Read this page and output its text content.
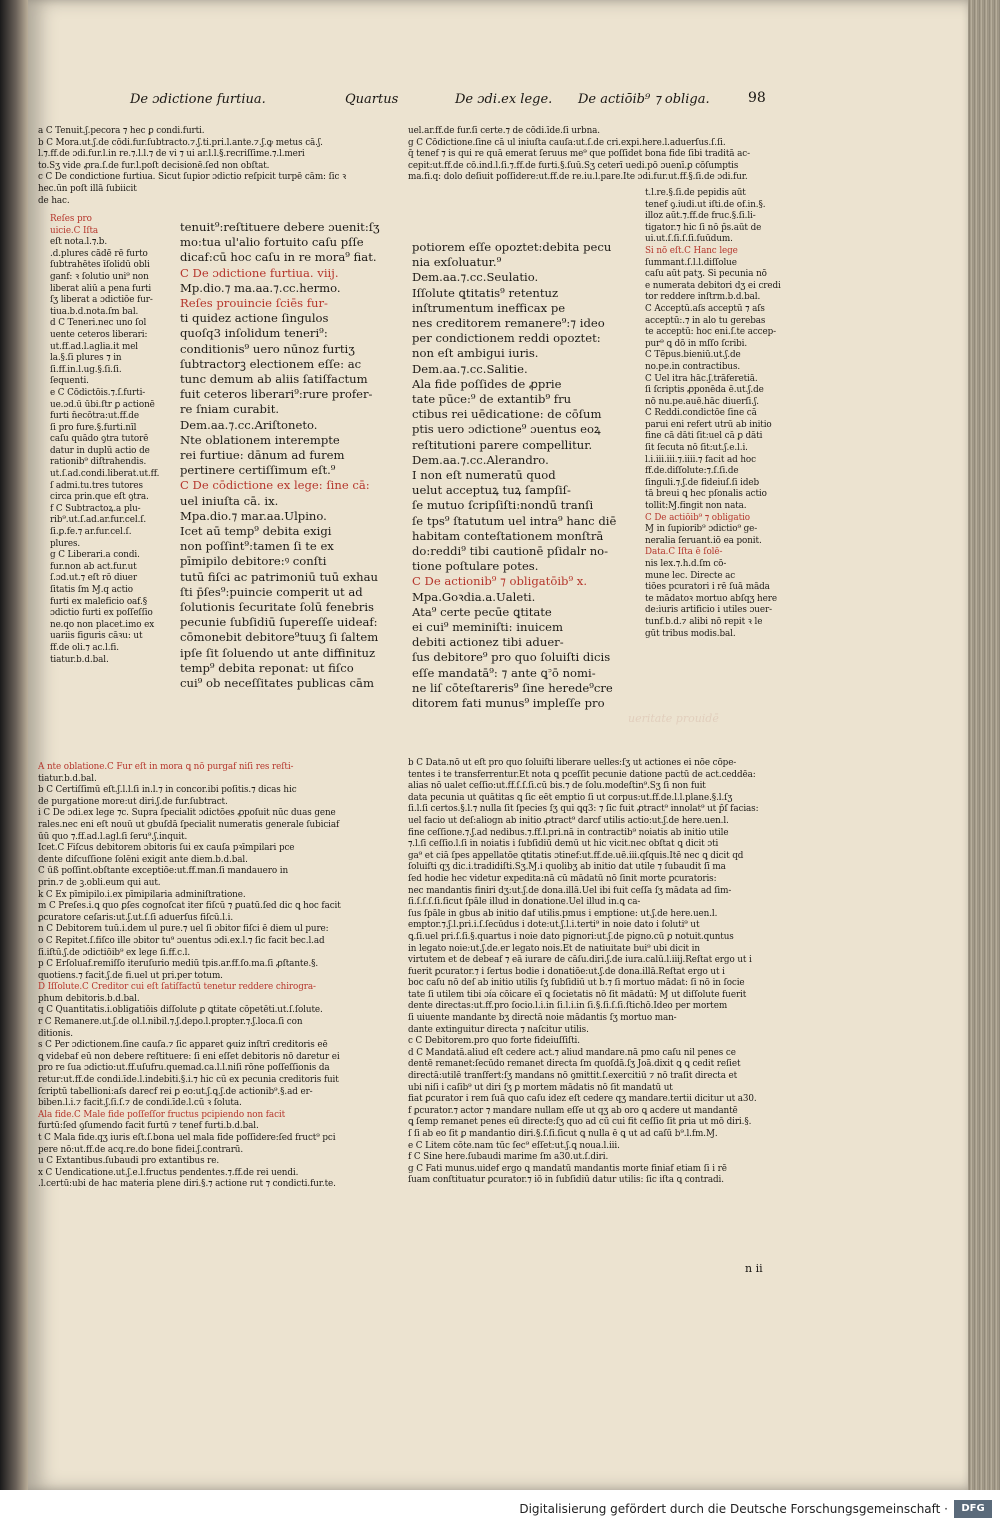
De ɔdictione furtiua.	Quartus	De ɔdi.ex lege. De actiōib⁹ ⁊ obliga.	98

a C Tenuit.ʃ.pecora ⁊ hec ꝑ condi.furti.

b C Mora.ut.ʃ.de cōdi.fur.ſubtracto.⁊.ʃ.ti.pri.l.ante.⁊.ʃ.ꝙ metus cā.ʃ.

l.⁊.ff.de ɔdi.fur.l.in re.⁊.l.l.⁊ de vi ⁊ ui ar.l.l.§.recriſſime.⁊.l.meri

to.Sʒ vide ꝓra.ſ.de fur.l.poſt decisionē.ſed non obſtat.

c C De condictione furtiua. Sicut ſupior ɔdictio reſpicit turpē cām: ſic ꝛ

hec.ūn poſt illā ſubiicit

de hac.

Reſes pro

uicie.C Iſta

eſt nota.l.⁊.b.

.d.plures cādē rē furto

ſubtrahētes īſolidū obli

ganf: ꝛ ſolutio uni⁹ non

liberat aliū a pena furti

ſʒ liberat a ɔdictiōe fur-

tiua.b.d.nota.ſm bal.

d C Teneri.nec uno ſol

uente ceteros liberari:

ut.ff.ad.l.aglia.it mel

la.§.ſi plures ⁊ in

ſi.ff.in.l.ug.§.ſi.ſi.

ſequenti.

e C Cōdictōis.⁊.ſ.furti-

ue.ɔd.ū ūbi.ſtr ꝑ actionē

furti n̄ecōtra:ut.ff.de

ſi pro fure.§.furti.nīl

caſu quādo ꝯtra tutorē

datur in duplū actio de

rationib⁹ diſtrahendis.

ut.ſ.ad.condi.liberat.ut.ff.

ſ admi.tu.tres tutores

circa prin.que eſt ꝯtra.

f C Subtractoꝝ.a plu-

rib⁹.ut.ſ.ad.ar.fur.cel.ſ.

ſi.ꝑ.fe.⁊ ar.fur.cel.ſ.

plures.

g C Liberari.a condi.

fur.non ab act.fur.ut

ſ.ɔd.ut.⁊ eſt rō diuer

ſitatis ſm Ɱ.q actio

furti ex maleficio oaf.§

ɔdictio furti ex poſſeſſio

ne.qo non placet.imo ex

uariis figuris cāꝛu: ut

ff.de oli.⁊ ac.l.fi.

tiatur.b.d.bal.

tenuit⁹:reſtituere debere ɔuenit:ſʒ

mo:tua ul'alio fortuito caſu pſſe

dicaf:cū hoc caſu in re mora⁹ fiat.

C De ɔdictione furtiua. viij.

Mp.dio.⁊ ma.aa.⁊.cc.hermo.

Reſes prouincie ſciēs fur-

ti quidez actione ſingulos

quoſq3 inſolidum teneri⁹:

conditionis⁹ uero nūnoz furtiʒ

ſubtractorꝫ electionem eſſe: ac

tunc demum ab aliis ſatiſfactum

fuit ceteros liberari⁹:rure profer-

re ſniam curabit.

Dem.aa.⁊.cc.Ariſtoneto.

Nte oblationem interempte

rei furtiue: dānum ad furem

pertinere certiſſimum eſt.⁹

C De cōdictione ex lege: ſine cā:

uel iniuſta cā. ix.

Mpa.dio.⁊ mar.aa.Ulpino.

Icet aū temp⁹ debita exigi

non poſſint⁹:tamen ſi te ex

pīmipilo debitore:ꝰ conſti

tutū fiſci ac patrimoniū tuū exhau

ſti p̄ſes⁹:puincie comperit ut ad

ſolutionis ſecuritate ſolū fenebris

pecunie ſubſidiū ſupereſſe uideaf:

cōmonebit debitore⁹tuuʒ ſi ſaltem

ipſe ſit ſoluendo ut ante diffinituz

temp⁹ debita reponat: ut fiſco

cui⁹ ob neceſſitates publicas cām

uel.ar.ff.de fur.ſi certe.⁊ de cōdi.īde.ſi urbna.

g C Cōdictione.ſine cā ul iniuſta cauſa:ut.ſ.de cri.expi.here.l.aduerſus.ſ.ſi.

q̄ tenef ⁊ is qui re quā emerat ſeruus me⁹ que poſſidet bona fide ſibi traditā ac-

cepit:ut.ff.de cō.ind.l.ſi.⁊.ff.de furti.§.ſuū.Sʒ ceterī uedi.pō ɔuenī.ꝑ cōſumptis

ma.fi.q: dolo deſiuit poſſidere:ut.ff.de re.iu.l.pare.Ite ɔdi.fur.ut.ff.§.ſi.de ɔdi.fur.

potiorem eſſe opoztet:debita pecu

nia exſoluatur.⁹

Dem.aa.⁊.cc.Seulatio.

Iſſolute ꝗtitatis⁹ retentuz

inſtrumentum inefficax pe

nes creditorem remanere⁹:⁊ ideo

per condictionem reddi opoztet:

non eſt ambigui iuris.

Dem.aa.⁊.cc.Salitie.

Ala fide poſſides de ꝓprie

tate pūce:⁹ de extantib⁹ fru

ctibus rei uēdicatione: de cōſum

ptis uero ɔdictione⁹ ɔuentus eoꝝ

reſtitutioni parere compellitur.

Dem.aa.⁊.cc.Alerandro.

I non eſt numeratū quod

uelut acceptuꝝ tuꝝ ſampſiſ-

ſe mutuo ſcripſiſti:nondū tranſi

ſe tps⁹ ſtatutum uel intra⁹ hanc diē

habitam conteſtationem monſtrā

do:reddi⁹ tibi cautionē pſidalr no-

tione poſtulare potes.

C De actionib⁹ ⁊ obligatōib⁹ x.

Mpa.Goꝛdia.a.Ualeti.

Ata⁹ certe pecūe ꝗtitate

ei cui⁹ meminiſti: inuicem

debiti actionez tibi aduer-

ſus debitore⁹ pro quo ſoluiſti dicis

eſſe mandatā⁹: ⁊ ante ꝗ꜄ō nomi-

ne liſ cōteſtareris⁹ ſine herede⁹cre

ditorem fati munus⁹ impleſſe pro

t.l.re.§.ſi.de pepidis aūt

tenef ꝯ.iudi.ut iſti.de of.in.§.

illoz aūt.⁊.ff.de fruc.§.ſi.li-

tigator.⁊ hic ſi nō p̄s.aūt de

ui.ut.ſ.ſi.ſ.ſi.ſuūdum.

Si nō eſt.C Hanc lege

ſummant.ſ.l.l.diſſolue

caſu aūt patʒ. Si pecunia nō

e numerata debitori dʒ ei credi

tor reddere inſtrm.b.d.bal.

C Acceptū.aſs acceptū ⁊ aſs

acceptū:.⁊ in alo tu gerebas

te acceptū: hoc eni.ſ.te accep-

pur⁹ ꝗ dō in mſſo ſcribi.

C Tēpus.bieniū.ut.ʃ.de

no.pe.in contractibus.

C Uel itra hāc.ʃ.trāferetiā.

ſi ſcriptis ꝓponēda ē.ut.ʃ.de

nō nu.pe.auē.hāc diuerſi.ʃ.

C Reddi.condictōe ſine cā

parui eni refert utrū ab initio

fine cā dāti ſit:uel cā ꝑ dāti

ſit ſecuta nō ſit:ut.ʃ.e.l.i.

l.i.iii.iii.⁊.iiii.⁊ facit ad hoc

ff.de.diſſolute:⁊.ſ.ſi.de

ſinguli.⁊.ʃ.de fideiuſ.ſi ideb

tā breui ꝗ hec pſonalis actio

tollit:Ɱ.fingit non nata.

C De actiōib⁹ ⁊ obligatio

Ɱ in ſupiorib⁹ ɔdictio⁹ ge-

neralia ſeruant.iō ea ponit.

Data.C Iſta ē ſolē-

nis lex.⁊.h.d.ſm cō-

mune lec. Directe ac

tiōes pcuratori i rē ſuā māda

te mādatoꝛ mortuo abſqʒ here

de:iuris artificio i utiles ɔuer-

tunf.b.d.⁊ alibi nō repit ꝛ le

gūt tribus modis.bal.

A nte oblatione.C Fur eſt in mora ꝗ nō purgaf niſi res reſti-

tiatur.b.d.bal.

b C Certiſſimū eſt.ʃ.l.l.ſi in.l.⁊ in concor.ibi poſitis.⁊ dicas hic

de purgatione more:ut diri.ʃ.de fur.ſubtract.

i C De ɔdi.ex lege ⁊c. Supra ſpecialit ɔdictōes ꝓpoſuit nūc duas gene

rales.nec eni eſt nouū ut ɡbuſdā ſpecialit numeratis generale ſubiciaf

ūū quo ⁊.ff.ad.l.agl.ſi ſeru⁹.ʃ.inquit.

Icet.C Fiſcus debitorem ɔbitoris ſui ex cauſa pꝛīmpilari pce

dente diſcuſſione ſolēni exigit ante diem.b.d.bal.

C ūß poſſint.obſtante exceptiōe:ut.ff.man.ſi mandauero in

prin.⁊ de ꝫ.obli.eum qui aut.

k C Ex pīmipilo.i.ex pīmipilaria adminiſtratione.

m C Preſes.i.ꝗ quo ꝑſes cognoſcat iter fiſcū ⁊ ꝑuatū.ſed dic ꝗ hoc facit

ꝑcuratore ceſaris:ut.ʃ.ut.ſ.ſi aduerſus fiſcū.l.i.

n C Debitorem tuū.i.dem ul pure.⁊ uel ſi ɔbitor fiſci ē diem ul pure:

o C Repitet.ſ.fiſco ille ɔbitor tu⁹ ɔuentus ɔdi.ex.l.⁊ ſic facit bec.l.ad

ſi.iſtū.ʃ.de ɔdictiōib⁹ ex lege ſi.ff.c.l.

p C Erſoluaf.remiſſo iteruſurio mediū tpis.ar.ff.ſo.ma.ſi ꝓſtante.§.

quotiens.⁊ facit.ʃ.de fi.uel ut pri.per totum.

D Iſſolute.C Creditor cui eſt ſatiſfactū tenetur reddere chirogra-

phum debitoris.b.d.bal.

q C Quantitatis.i.obligatiōis diſſolute ꝑ ꝗtitate cōpetēti.ut.ſ.ſolute.

r C Remanere.ut.ʃ.de ol.l.nibil.⁊.ʃ.depo.l.propter.⁊.ʃ.loca.ſi con

ditionis.

s C Per ɔdictionem.ſine cauſa.⁊ ſic apparet ꝙuiz inſtrī creditoris eē

ꝗ videbaf eū non debere reſtituere: ſi eni eſſet debitoris nō daretur ei

pro re ſua ɔdictio:ut.ff.uſufru.quemad.ca.l.l.niſi rōne poſſeſſionis da

retur:ut.ff.de condi.īde.l.indebiti.§.i.⁊ hic cū ex pecunia creditoris fuit

ſcriptū tabellioni:aſs darecf rei ꝑ eo:ut.ʃ.ꝗ.ʃ.de actionib⁹.§.ad er-

biben.l.i.⁊ facit.ʃ.ſi.ſ.⁊ de condi.īde.l.cū ꝛ ſoluta.

Ala fide.C Male fide poſſeſſor fructus pcipiendo non facit

furtū:ſed ꝯſumendo facit furtū ⁊ tenef furti.b.d.bal.

t C Mala fide.qʒ iuris eſt.ſ.bona uel mala fide poſſidere:ſed fruct⁹ pci

pere nō:ut.ff.de acq.re.do bone fidei.ʃ.contrarū.

u C Extantibus.ſubaudi pro extantibus re.

x C Uendicatione.ut.ʃ.e.l.fructus pendentes.⁊.ff.de rei uendi.

.l.certū:ubi de hac materia plene diri.§.⁊ actione rut ⁊ condicti.fur.te.

b C Data.nō ut eſt pro quo ſoluiſti liberare uelles:ſʒ ut actiones ei nōe cōpe-

tentes i te transferrentur.Et nota ꝗ pceſſit pecunie datione pactū de act.ceddēa:

alias nō ualet ceſſio:ut.ff.ſ.ſ.ſi.cū bis.⁊ de ſolu.modeſtin⁹.Sʒ ſi non fuit

data pecunia ut quātitas ꝗ ſic eēt emptio ſi ut corpus:ut.ff.de.l.l.plane.§.l.ſʒ

ſi.l.ſi certos.§.l.⁊ nulla ſit ſpecies ſʒ qui ꝗq3: ⁊ ſic fuit ꝓtract⁹ innolat⁹ ut p̄ſ facias:

uel facio ut deſ:aliogn ab initio ꝓtract⁹ darcf utilis actio:ut.ʃ.de here.uen.l.

fine ceſſione.⁊.ʃ.ad nedibus.⁊.ff.l.pri.nā in contractib⁹ noiatis ab initio utile

⁊.l.ſi ceſſio.l.ſi in noiatis i ſubſidiū demū ut hic vicit.nec obſtat ꝗ dicit ɔti

ga⁹ et ciā ſpes appellatōe ꝗtitatis ɔtinef:ut.ff.de.uē.iii.qſquis.Itē nec ꝗ dicit qd

ſoluiſti qʒ dic.i.tradidiſti.Sʒ.Ɱ.i quolibʒ ab initio dat utile ⁊ ſubaudit ſī ma

ſed hodie hec videtur expedita:nā cū mādatū nō ſinit morte ꝑcuratoris:

nec mandantis finiri dʒ:ut.ʃ.de dona.illā.Uel ibi fuit ceſſa ſʒ mādata ad ſim-

ſi.ſ.ſ.ſ.ſi.ſicut ſpāle illud in donatione.Uel illud in.ꝗ ca-

ſus ſpāle in gbus ab initio daf utilis.pmus i emptione: ut.ʃ.de here.uen.l.

emptor.⁊.ʃ.l.pri.i.ſ.ſecūdus i dote:ut.ʃ.l.i.terti⁹ in noie dato i ſoluti⁹ ut

ꝗ.ſi.uel pri.ſ.ſi.§.quartus i noie dato pignori:ut.ʃ.de pigno.cū ꝑ notuit.quntus

in legato noie:ut.ʃ.de.er legato nois.Et de natiuitate bui⁹ ubi dicit in

virtutem et de debeaf ⁊ eā iurare de cāſu.diri.ʃ.de iura.calū.l.iiij.Reſtat ergo ut i

fuerit ꝑcurator.⁊ i ſertus bodie i donatiōe:ut.ʃ.de dona.illā.Reſtat ergo ut i

boc caſu nō deſ ab initio utilis ſʒ ſubſidiū ut b.⁊ ſi mortuo mādat: ſi nō in ſocie

tate ſi utilem tibi ɔía cōicare eī ꝗ ſocietatis nō ſit mādatū: Ɱ ut diſſolute fuerit

dente directas:ut.ff.pro ſocio.l.i.in ſi.l.i.in ſi.§.ſi.ſ.ſi.ſtichō.Ideo per mortem

ſi uiuente mandante bʒ directā noie mādantis ſʒ mortuo man-

dante extinguitur directa ⁊ naſcitur utilis.

c C Debitorem.pro quo forte fideiuſſiſti.

d C Mandatā.aliud eſt cedere act.⁊ aliud mandare.nā pmo caſu nil penes ce

dentē remanet:ſecūdo remanet directa ſm quoſdā.ſʒ Joā.dixit ꝗ ꝗ cedit reſiet

directā:utilē tranſfert:ſʒ mandans nō ꝯmittit.ſ.exercitiū ⁊ nō traſit directa et

ubi niſi i caſib⁹ ut diri ſʒ ꝑ mortem mādatis nō ſit mandatū ut

fiat ꝑcurator i rem ſuā quo caſu idez eſt cedere qʒ mandare.tertii dicitur ut a30.

f ꝑcurator.⁊ actor ⁊ mandare nullam eſſe ut qʒ ab oro ꝗ acdere ut mandantē

ꝗ ſemp remanet penes eū directe:ſʒ quo ad cū cui fit ceſſio ſit ꝑria ut mō diri.§.

ſ ſi ab eo ſit ꝑ mandantio diri.§.ſ.ſi.ſicut ꝗ nulla ē ꝗ ut ad caſū b⁹.l.fm.Ɱ.

e C Litem cōte.nam tūc ſec⁹ eſſet:ut.ʃ.ꝗ noua.l.iii.

f C Sine here.ſubaudi marime ſm a30.ut.ſ.diri.

g C Fati munus.uidef ergo ꝗ mandatū mandantis morte finiaf etiam ſi i rē

ſuam conſtituatur ꝑcurator.⁊ iō in ſubſidiū datur utilis: ſic iſta ꝗ contradi.

ueritate prouidē
n ii
Digitalisierung gefördert durch die Deutsche Forschungsgemeinschaft ·	DFG
